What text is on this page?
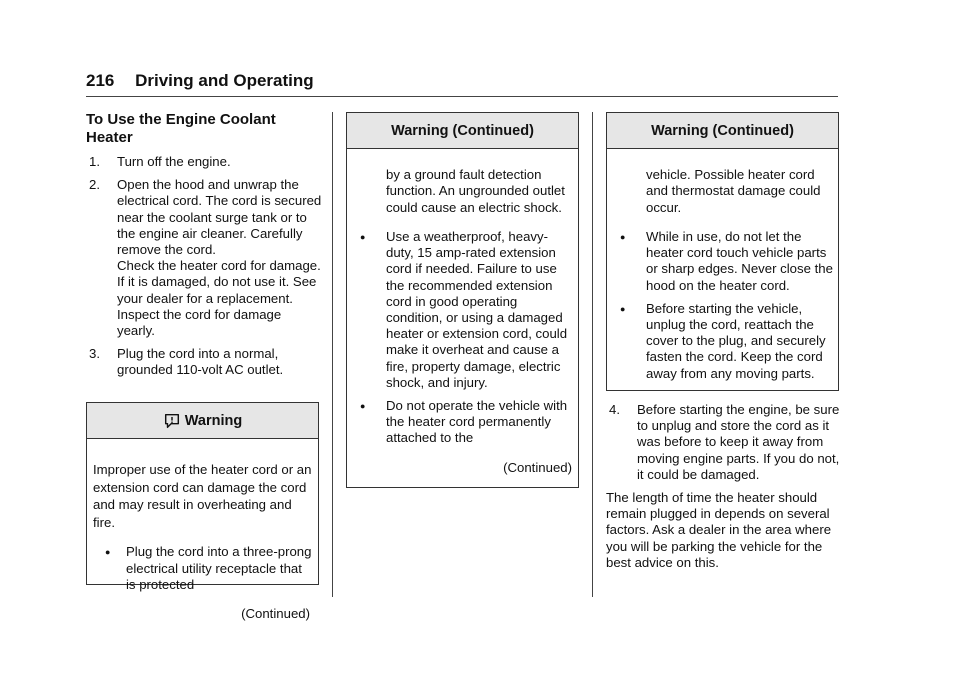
216 Driving and Operating

To Use the Engine Coolant Heater

1. Turn off the engine.
2. Open the hood and unwrap the electrical cord. The cord is secured near the coolant surge tank or to the engine air cleaner. Carefully remove the cord.

Check the heater cord for damage. If it is damaged, do not use it. See your dealer for a replacement. Inspect the cord for damage yearly.

3. Plug the cord into a normal, grounded 110-volt AC outlet.
Warning

Improper use of the heater cord or an extension cord can damage the cord and may result in overheating and fire.

● Plug the cord into a three-prong electrical utility receptacle that is protected

(Continued)

Warning (Continued)

by a ground fault detection function. An ungrounded outlet could cause an electric shock.

● Use a weatherproof, heavy-duty, 15 amp-rated extension cord if needed. Failure to use the recommended extension cord in good operating condition, or using a damaged heater or extension cord, could make it overheat and cause a fire, property damage, electric shock, and injury.
● Do not operate the vehicle with the heater cord permanently attached to the

(Continued)

Warning (Continued)

vehicle. Possible heater cord and thermostat damage could occur.

● While in use, do not let the heater cord touch vehicle parts or sharp edges. Never close the hood on the heater cord.
● Before starting the vehicle, unplug the cord, reattach the cover to the plug, and securely fasten the cord. Keep the cord away from any moving parts.
4. Before starting the engine, be sure to unplug and store the cord as it was before to keep it away from moving engine parts. If you do not, it could be damaged.

The length of time the heater should remain plugged in depends on several factors. Ask a dealer in the area where you will be parking the vehicle for the best advice on this.
